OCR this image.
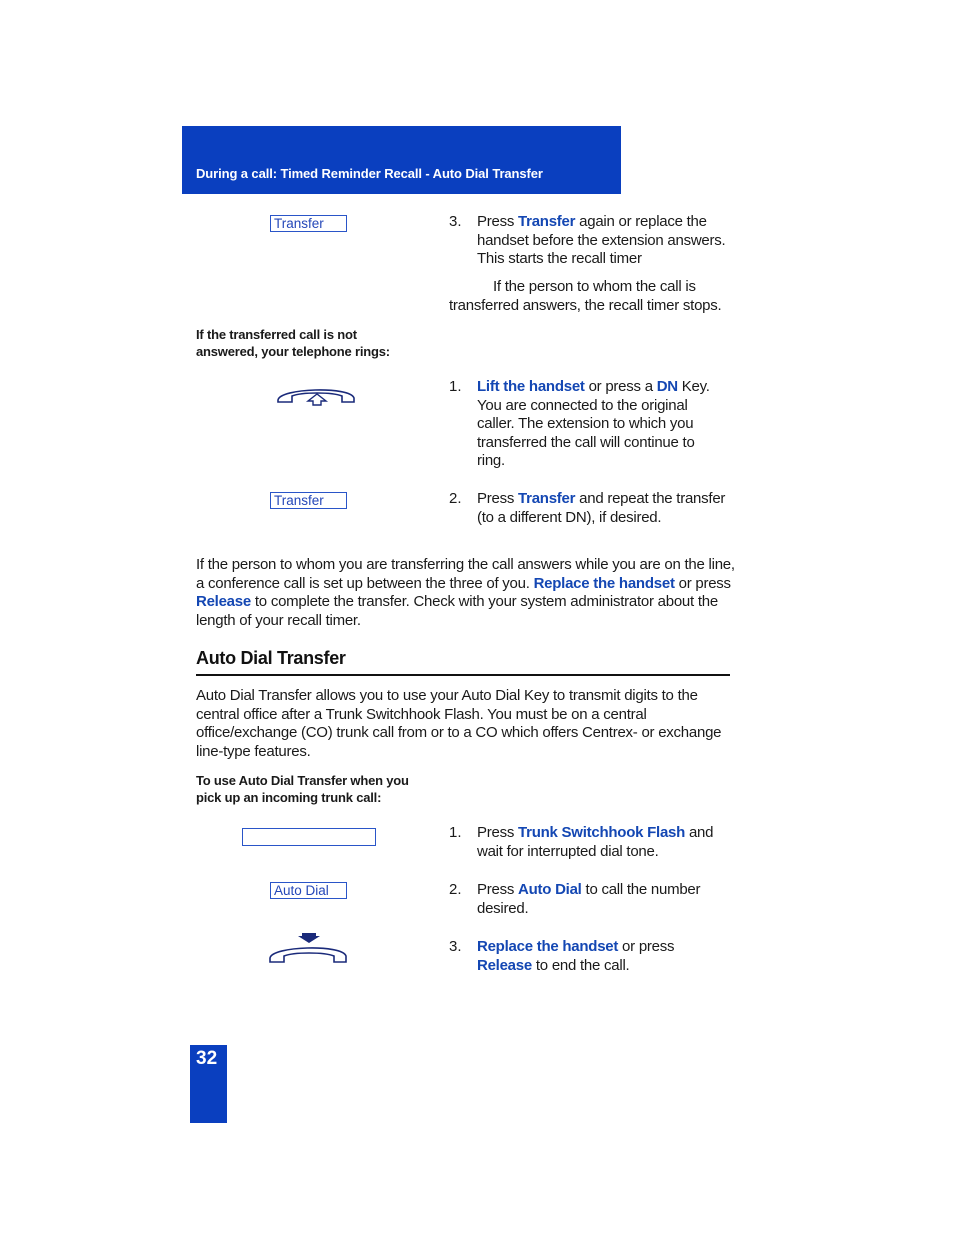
During a call: Timed Reminder Recall - Auto Dial Transfer
Transfer	3. Press Transfer again or replace the handset before the extension answers. This starts the recall timer
If the person to whom the call is transferred answers, the recall timer stops.
If the transferred call is not answered, your telephone rings:
1. Lift the handset or press a DN Key. You are connected to the original caller. The extension to which you transferred the call will continue to ring.
Transfer	2. Press Transfer and repeat the transfer (to a different DN), if desired.
If the person to whom you are transferring the call answers while you are on the line, a conference call is set up between the three of you. Replace the handset or press Release to complete the transfer. Check with your system administrator about the length of your recall timer.
Auto Dial Transfer
Auto Dial Transfer allows you to use your Auto Dial Key to transmit digits to the central office after a Trunk Switchhook Flash. You must be on a central office/exchange (CO) trunk call from or to a CO which offers Centrex- or exchange line-type features.
To use Auto Dial Transfer when you pick up an incoming trunk call:
1. Press Trunk Switchhook Flash and wait for interrupted dial tone.
Auto Dial	2. Press Auto Dial to call the number desired.
3. Replace the handset or press Release to end the call.
32
